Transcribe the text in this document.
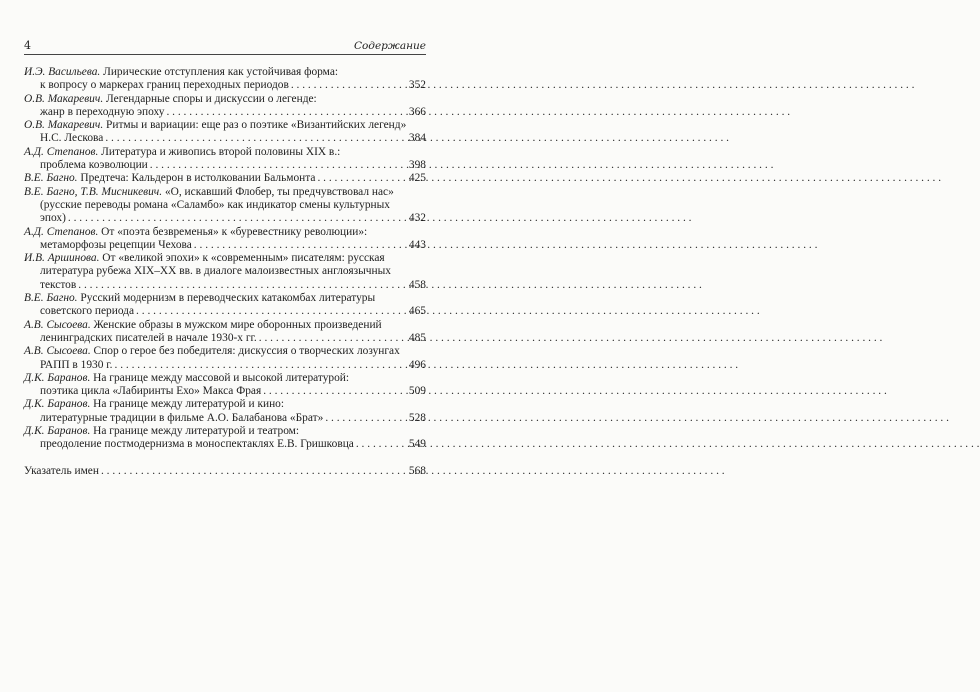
4	Содержание
И.Э. Васильева. Лирические отступления как устойчивая форма:
к вопросу о маркерах границ переходных периодов . . .	352
О.В. Макаревич. Легендарные споры и дискуссии о легенде:
жанр в переходную эпоху . . .	366
О.В. Макаревич. Ритмы и вариации: еще раз о поэтике «Византийских легенд»
Н.С. Лескова . . .	384
А.Д. Степанов. Литература и живопись второй половины XIX в.:
проблема коэволюции . . .	398
В.Е. Багно. Предтеча: Кальдерон в истолковании Бальмонта . . .	425
В.Е. Багно, Т.В. Мисникевич. «О, искавший Флобер, ты предчувствовал нас»
(русские переводы романа «Саламбо» как индикатор смены культурных
эпох) . . .	432
А.Д. Степанов. От «поэта безвременья» к «буревестнику революции»:
метаморфозы рецепции Чехова . . .	443
И.В. Аршинова. От «великой эпохи» к «современным» писателям: русская
литература рубежа XIX–XX вв. в диалоге малоизвестных англоязычных
текстов . . .	458
В.Е. Багно. Русский модернизм в переводческих катакомбах литературы
советского периода . . .	465
А.В. Сысоева. Женские образы в мужском мире оборонных произведений
ленинградских писателей в начале 1930-х гг. . . .	485
А.В. Сысоева. Спор о герое без победителя: дискуссия о творческих лозунгах
РАПП в 1930 г. . . .	496
Д.К. Баранов. На границе между массовой и высокой литературой:
поэтика цикла «Лабиринты Ехо» Макса Фрая . . .	509
Д.К. Баранов. На границе между литературой и кино:
литературные традиции в фильме А.О. Балабанова «Брат» . . .	528
Д.К. Баранов. На границе между литературой и театром:
преодоление постмодернизма в моноспектаклях Е.В. Гришковца . . .	549
Указатель имен . . .	568
